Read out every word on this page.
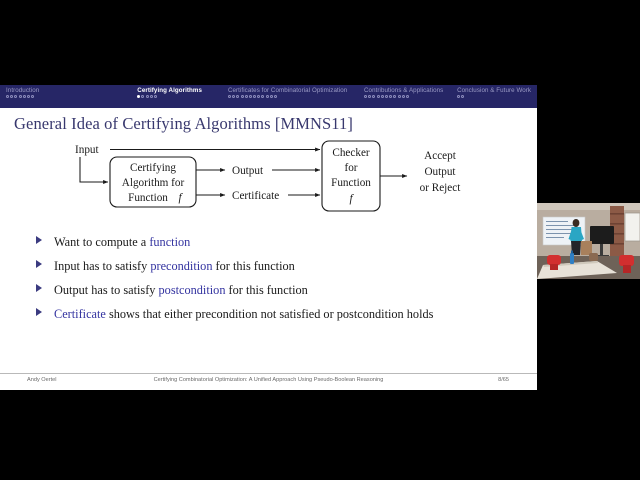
Introduction	Certifying Algorithms	Certificates for Combinatorial Optimization	Contributions & Applications	Conclusion & Future Work
General Idea of Certifying Algorithms [MMNS11]
Input
Certifying
Algorithm for
Function f
Output
Certificate
Checker
for
Function
f
Accept
Output
or Reject
Want to compute a function
Input has to satisfy precondition for this function
Output has to satisfy postcondition for this function
Certificate shows that either precondition not satisfied or postcondition holds
Andy Oertel	Certifying Combinatorial Optimization: A Unified Approach Using Pseudo-Boolean Reasoning	8/65
